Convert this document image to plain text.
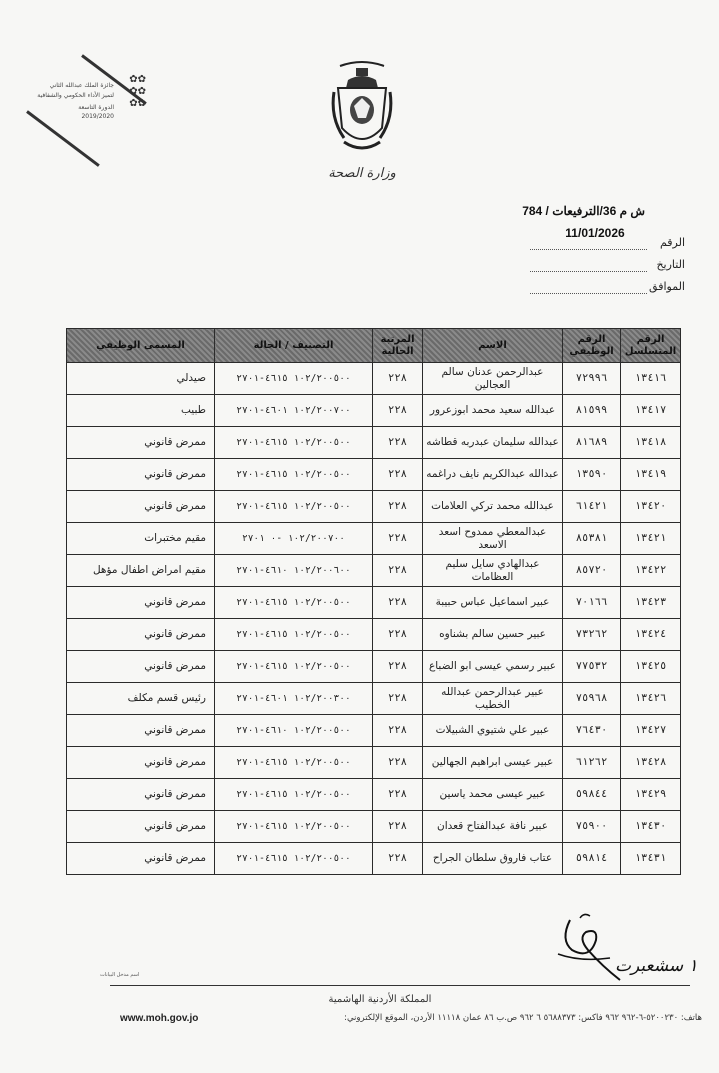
جائزة الملك عبدالله الثاني
لتميز الأداء الحكومي والشفافية
الدورة التاسعة
2019/2020
✿✿
✿✿
✿✿
وزارة الصحة
ش م 36/الترفيعات / 784
11/01/2026
الرقم
التاريخ
الموافق
الرقم المتسلسل	الرقم الوظيفي	الاسم	المرتبة الحالية	التصنيف / الحالة	المسمى الوظيفي
١٣٤١٦	٧٢٩٩٦	عبدالرحمن عدنان سالم العجالين	٢٢٨	١٠٢/٢٠٠٥٠٠ ٤٦١٥-٢٧٠١	صيدلي
١٣٤١٧	٨١٥٩٩	عبدالله سعيد محمد ابوزعرور	٢٢٨	١٠٢/٢٠٠٧٠٠ ٤٦٠١-٢٧٠١	طبيب
١٣٤١٨	٨١٦٨٩	عبدالله سليمان عبدربه قطاشه	٢٢٨	١٠٢/٢٠٠٥٠٠ ٤٦١٥-٢٧٠١	ممرض قانوني
١٣٤١٩	١٣٥٩٠	عبدالله عبدالكريم نايف دراغمه	٢٢٨	١٠٢/٢٠٠٥٠٠ ٤٦١٥-٢٧٠١	ممرض قانوني
١٣٤٢٠	٦١٤٢١	عبدالله محمد تركي العلامات	٢٢٨	١٠٢/٢٠٠٥٠٠ ٤٦١٥-٢٧٠١	ممرض قانوني
١٣٤٢١	٨٥٣٨١	عبدالمعطي ممدوح اسعد الاسعد	٢٢٨	١٠٢/٢٠٠٧٠٠ -٠ ٢٧٠١	مقيم مختبرات
١٣٤٢٢	٨٥٧٢٠	عبدالهادي سايل سليم العظامات	٢٢٨	١٠٢/٢٠٠٦٠٠ ٤٦١٠-٢٧٠١	مقيم امراض اطفال مؤهل
١٣٤٢٣	٧٠١٦٦	عبير اسماعيل عباس حبيبة	٢٢٨	١٠٢/٢٠٠٥٠٠ ٤٦١٥-٢٧٠١	ممرض قانوني
١٣٤٢٤	٧٣٢٦٢	عبير حسين سالم بشناوه	٢٢٨	١٠٢/٢٠٠٥٠٠ ٤٦١٥-٢٧٠١	ممرض قانوني
١٣٤٢٥	٧٧٥٣٢	عبير رسمي عيسى ابو الضباع	٢٢٨	١٠٢/٢٠٠٥٠٠ ٤٦١٥-٢٧٠١	ممرض قانوني
١٣٤٢٦	٧٥٩٦٨	عبير عبدالرحمن عبدالله الخطيب	٢٢٨	١٠٢/٢٠٠٣٠٠ ٤٦٠١-٢٧٠١	رئيس قسم مكلف
١٣٤٢٧	٧٦٤٣٠	عبير علي شتيوي الشبيلات	٢٢٨	١٠٢/٢٠٠٥٠٠ ٤٦١٠-٢٧٠١	ممرض قانوني
١٣٤٢٨	٦١٢٦٢	عبير عيسى ابراهيم الجهالين	٢٢٨	١٠٢/٢٠٠٥٠٠ ٤٦١٥-٢٧٠١	ممرض قانوني
١٣٤٢٩	٥٩٨٤٤	عبير عيسى محمد ياسين	٢٢٨	١٠٢/٢٠٠٥٠٠ ٤٦١٥-٢٧٠١	ممرض قانوني
١٣٤٣٠	٧٥٩٠٠	عبير نافة عبدالفتاح قعدان	٢٢٨	١٠٢/٢٠٠٥٠٠ ٤٦١٥-٢٧٠١	ممرض قانوني
١٣٤٣١	٥٩٨١٤	عتاب فاروق سلطان الجراح	٢٢٨	١٠٢/٢٠٠٥٠٠ ٤٦١٥-٢٧٠١	ممرض قانوني
١ سشعبرت
اسم مدخل البيانات
المملكة الأردنية الهاشمية
هاتف: ٥٢٠٠٢٣٠-٦-٩٦٢ ٩٦٢ فاكس: ٥٦٨٨٣٧٣ ٦ ٩٦٢ ص.ب ٨٦ عمان ١١١١٨ الأردن، الموقع الإلكتروني:
www.moh.gov.jo
